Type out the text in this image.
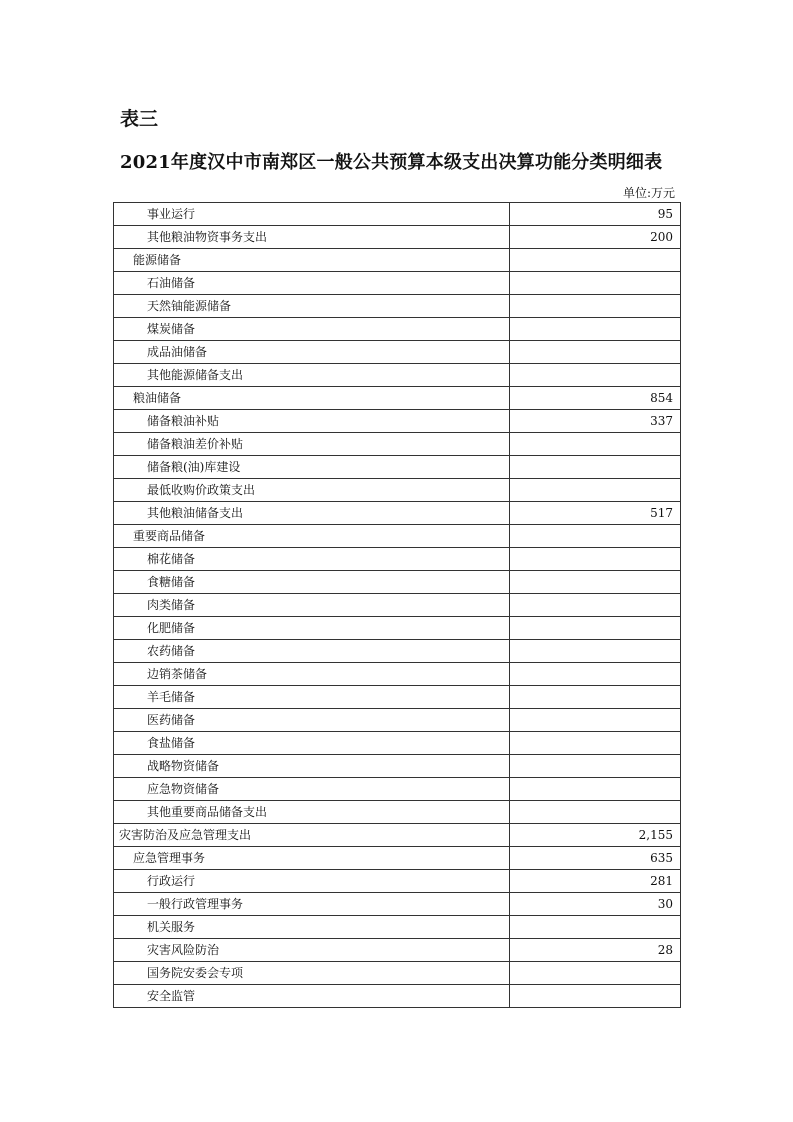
表三
2021年度汉中市南郑区一般公共预算本级支出决算功能分类明细表
单位:万元
事业运行	95
其他粮油物资事务支出	200
能源储备	
石油储备	
天然铀能源储备	
煤炭储备	
成品油储备	
其他能源储备支出	
粮油储备	854
储备粮油补贴	337
储备粮油差价补贴	
储备粮(油)库建设	
最低收购价政策支出	
其他粮油储备支出	517
重要商品储备	
棉花储备	
食糖储备	
肉类储备	
化肥储备	
农药储备	
边销茶储备	
羊毛储备	
医药储备	
食盐储备	
战略物资储备	
应急物资储备	
其他重要商品储备支出	
灾害防治及应急管理支出	2,155
应急管理事务	635
行政运行	281
一般行政管理事务	30
机关服务	
灾害风险防治	28
国务院安委会专项	
安全监管	
